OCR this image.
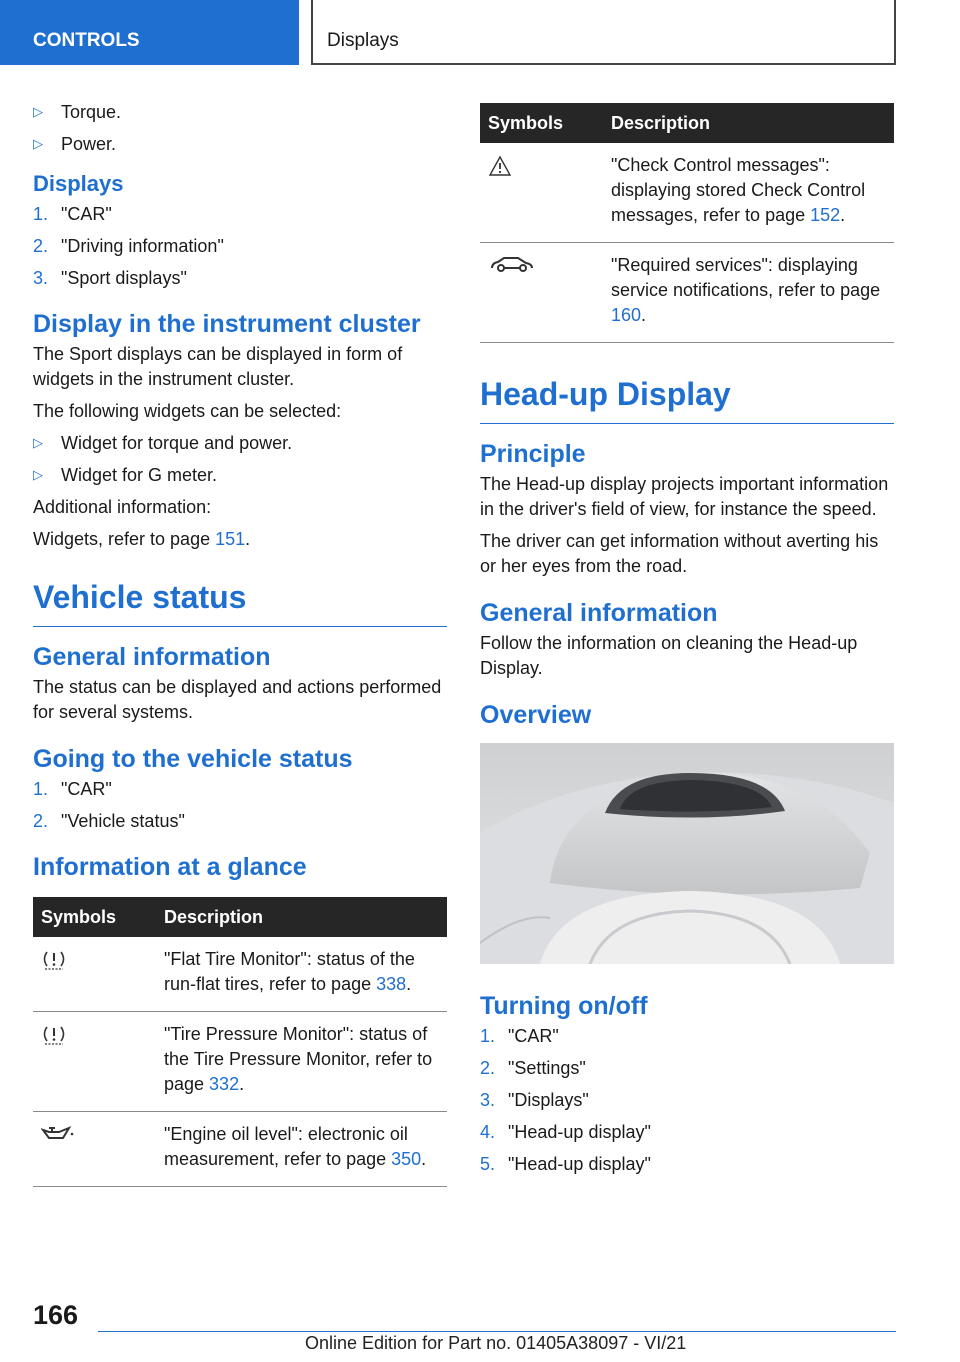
CONTROLS	Displays
▷	Torque.
▷	Power.
Displays
1. "CAR"
2. "Driving information"
3. "Sport displays"
Display in the instrument cluster
The Sport displays can be displayed in form of widgets in the instrument cluster.
The following widgets can be selected:
▷	Widget for torque and power.
▷	Widget for G meter.
Additional information:
Widgets, refer to page 151.
Vehicle status
General information
The status can be displayed and actions performed for several systems.
Going to the vehicle status
1. "CAR"
2. "Vehicle status"
Information at a glance
Symbols	Description
	"Flat Tire Monitor": status of the run-flat tires, refer to page 338.
	"Tire Pressure Monitor": status of the Tire Pressure Monitor, refer to page 332.
	"Engine oil level": electronic oil measurement, refer to page 350.
Symbols	Description
	"Check Control messages": displaying stored Check Control messages, refer to page 152.
	"Required services": displaying service notifications, refer to page 160.
Head-up Display
Principle
The Head-up display projects important information in the driver's field of view, for instance the speed.
The driver can get information without averting his or her eyes from the road.
General information
Follow the information on cleaning the Head-up Display.
Overview
Turning on/off
1. "CAR"
2. "Settings"
3. "Displays"
4. "Head-up display"
5. "Head-up display"
166
Online Edition for Part no. 01405A38097 - VI/21
